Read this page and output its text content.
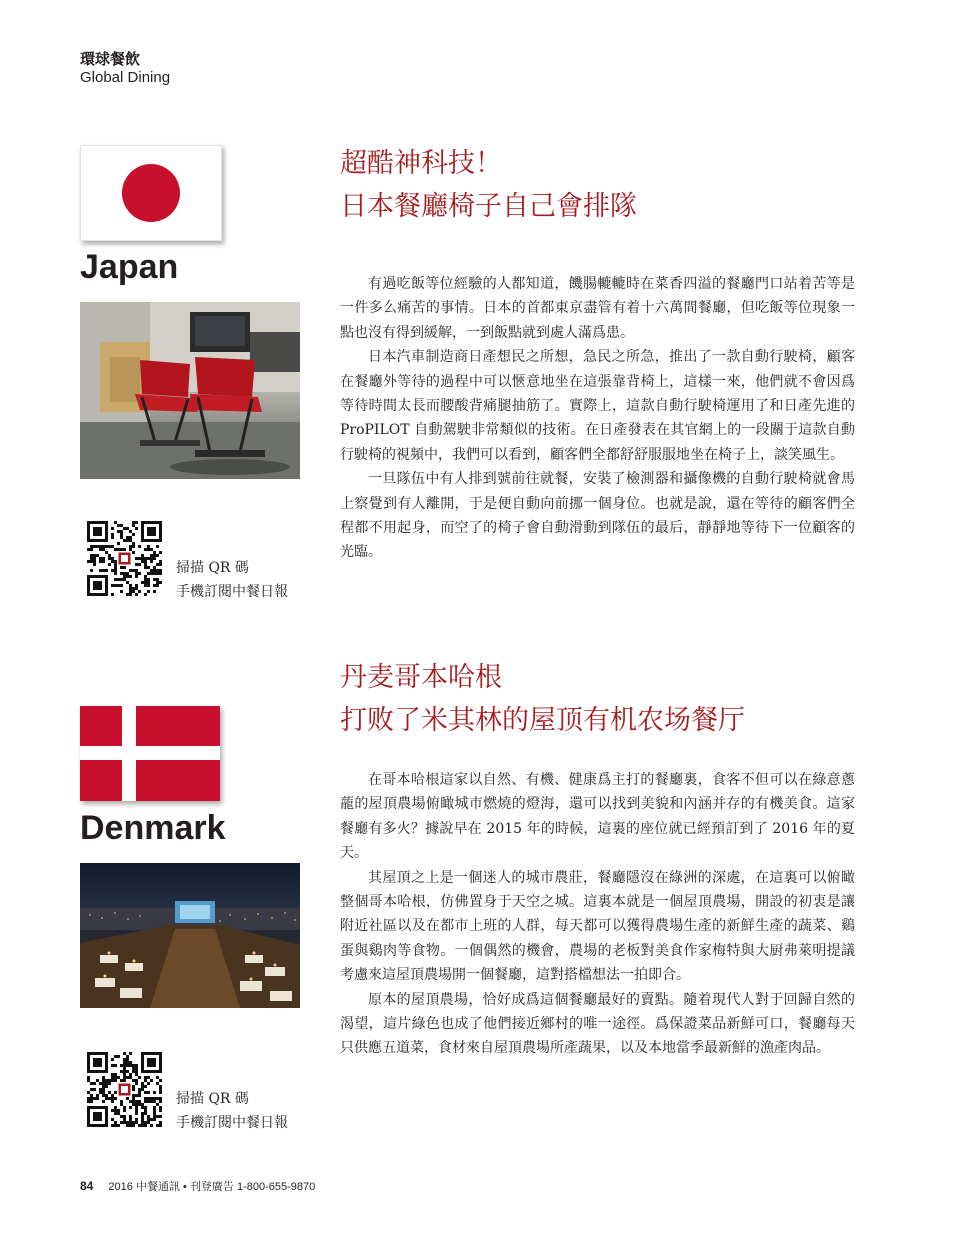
環球餐飲
Global Dining
Japan
掃描 QR 碼
手機訂閱中餐日報
超酷神科技！
日本餐廳椅子自己會排隊

有過吃飯等位經驗的人都知道，饑腸轆轆時在菜香四溢的餐廳門口站着苦等是一件多么痛苦的事情。日本的首都東京盡管有着十六萬間餐廳，但吃飯等位現象一點也沒有得到緩解，一到飯點就到處人滿爲患。

日本汽車制造商日產想民之所想，急民之所急，推出了一款自動行駛椅，顧客在餐廳外等待的過程中可以愜意地坐在這張靠背椅上，這樣一來，他們就不會因爲等待時間太長而腰酸背痛腿抽筋了。實際上，這款自動行駛椅運用了和日產先進的 ProPILOT 自動駕駛非常類似的技術。在日產發表在其官網上的一段關于這款自動行駛椅的視頻中，我們可以看到，顧客們全都舒舒服服地坐在椅子上，談笑風生。

一旦隊伍中有人排到號前往就餐，安裝了檢測器和攝像機的自動行駛椅就會馬上察覺到有人離開，于是便自動向前挪一個身位。也就是說，還在等待的顧客們全程都不用起身，而空了的椅子會自動滑動到隊伍的最后，靜靜地等待下一位顧客的光臨。

Denmark
掃描 QR 碼
手機訂閱中餐日報
丹麦哥本哈根
打败了米其林的屋顶有机农场餐厅

在哥本哈根這家以自然、有機、健康爲主打的餐廳裏，食客不但可以在綠意蔥蘢的屋頂農場俯瞰城市燃燒的燈海，還可以找到美貌和內涵并存的有機美食。這家餐廳有多火？據說早在 2015 年的時候，這裏的座位就已經預訂到了 2016 年的夏天。

其屋頂之上是一個迷人的城市農莊，餐廳隱沒在綠洲的深處，在這裏可以俯瞰整個哥本哈根，仿佛置身于天空之城。這裏本就是一個屋頂農場，開設的初衷是讓附近社區以及在都市上班的人群，每天都可以獲得農場生產的新鮮生產的蔬菜、鷄蛋與鷄肉等食物。一個偶然的機會，農場的老板對美食作家梅特與大厨弗萊明提議考慮來這屋頂農場開一個餐廳，這對搭檔想法一拍即合。

原本的屋頂農場，恰好成爲這個餐廳最好的賣點。隨着現代人對于回歸自然的渴望，這片綠色也成了他們接近鄉村的唯一途徑。爲保證菜品新鮮可口，餐廳每天只供應五道菜，食材來自屋頂農場所產蔬果，以及本地當季最新鮮的漁產肉品。

84 2016 中餐通訊 • 刊登廣告 1-800-655-9870
